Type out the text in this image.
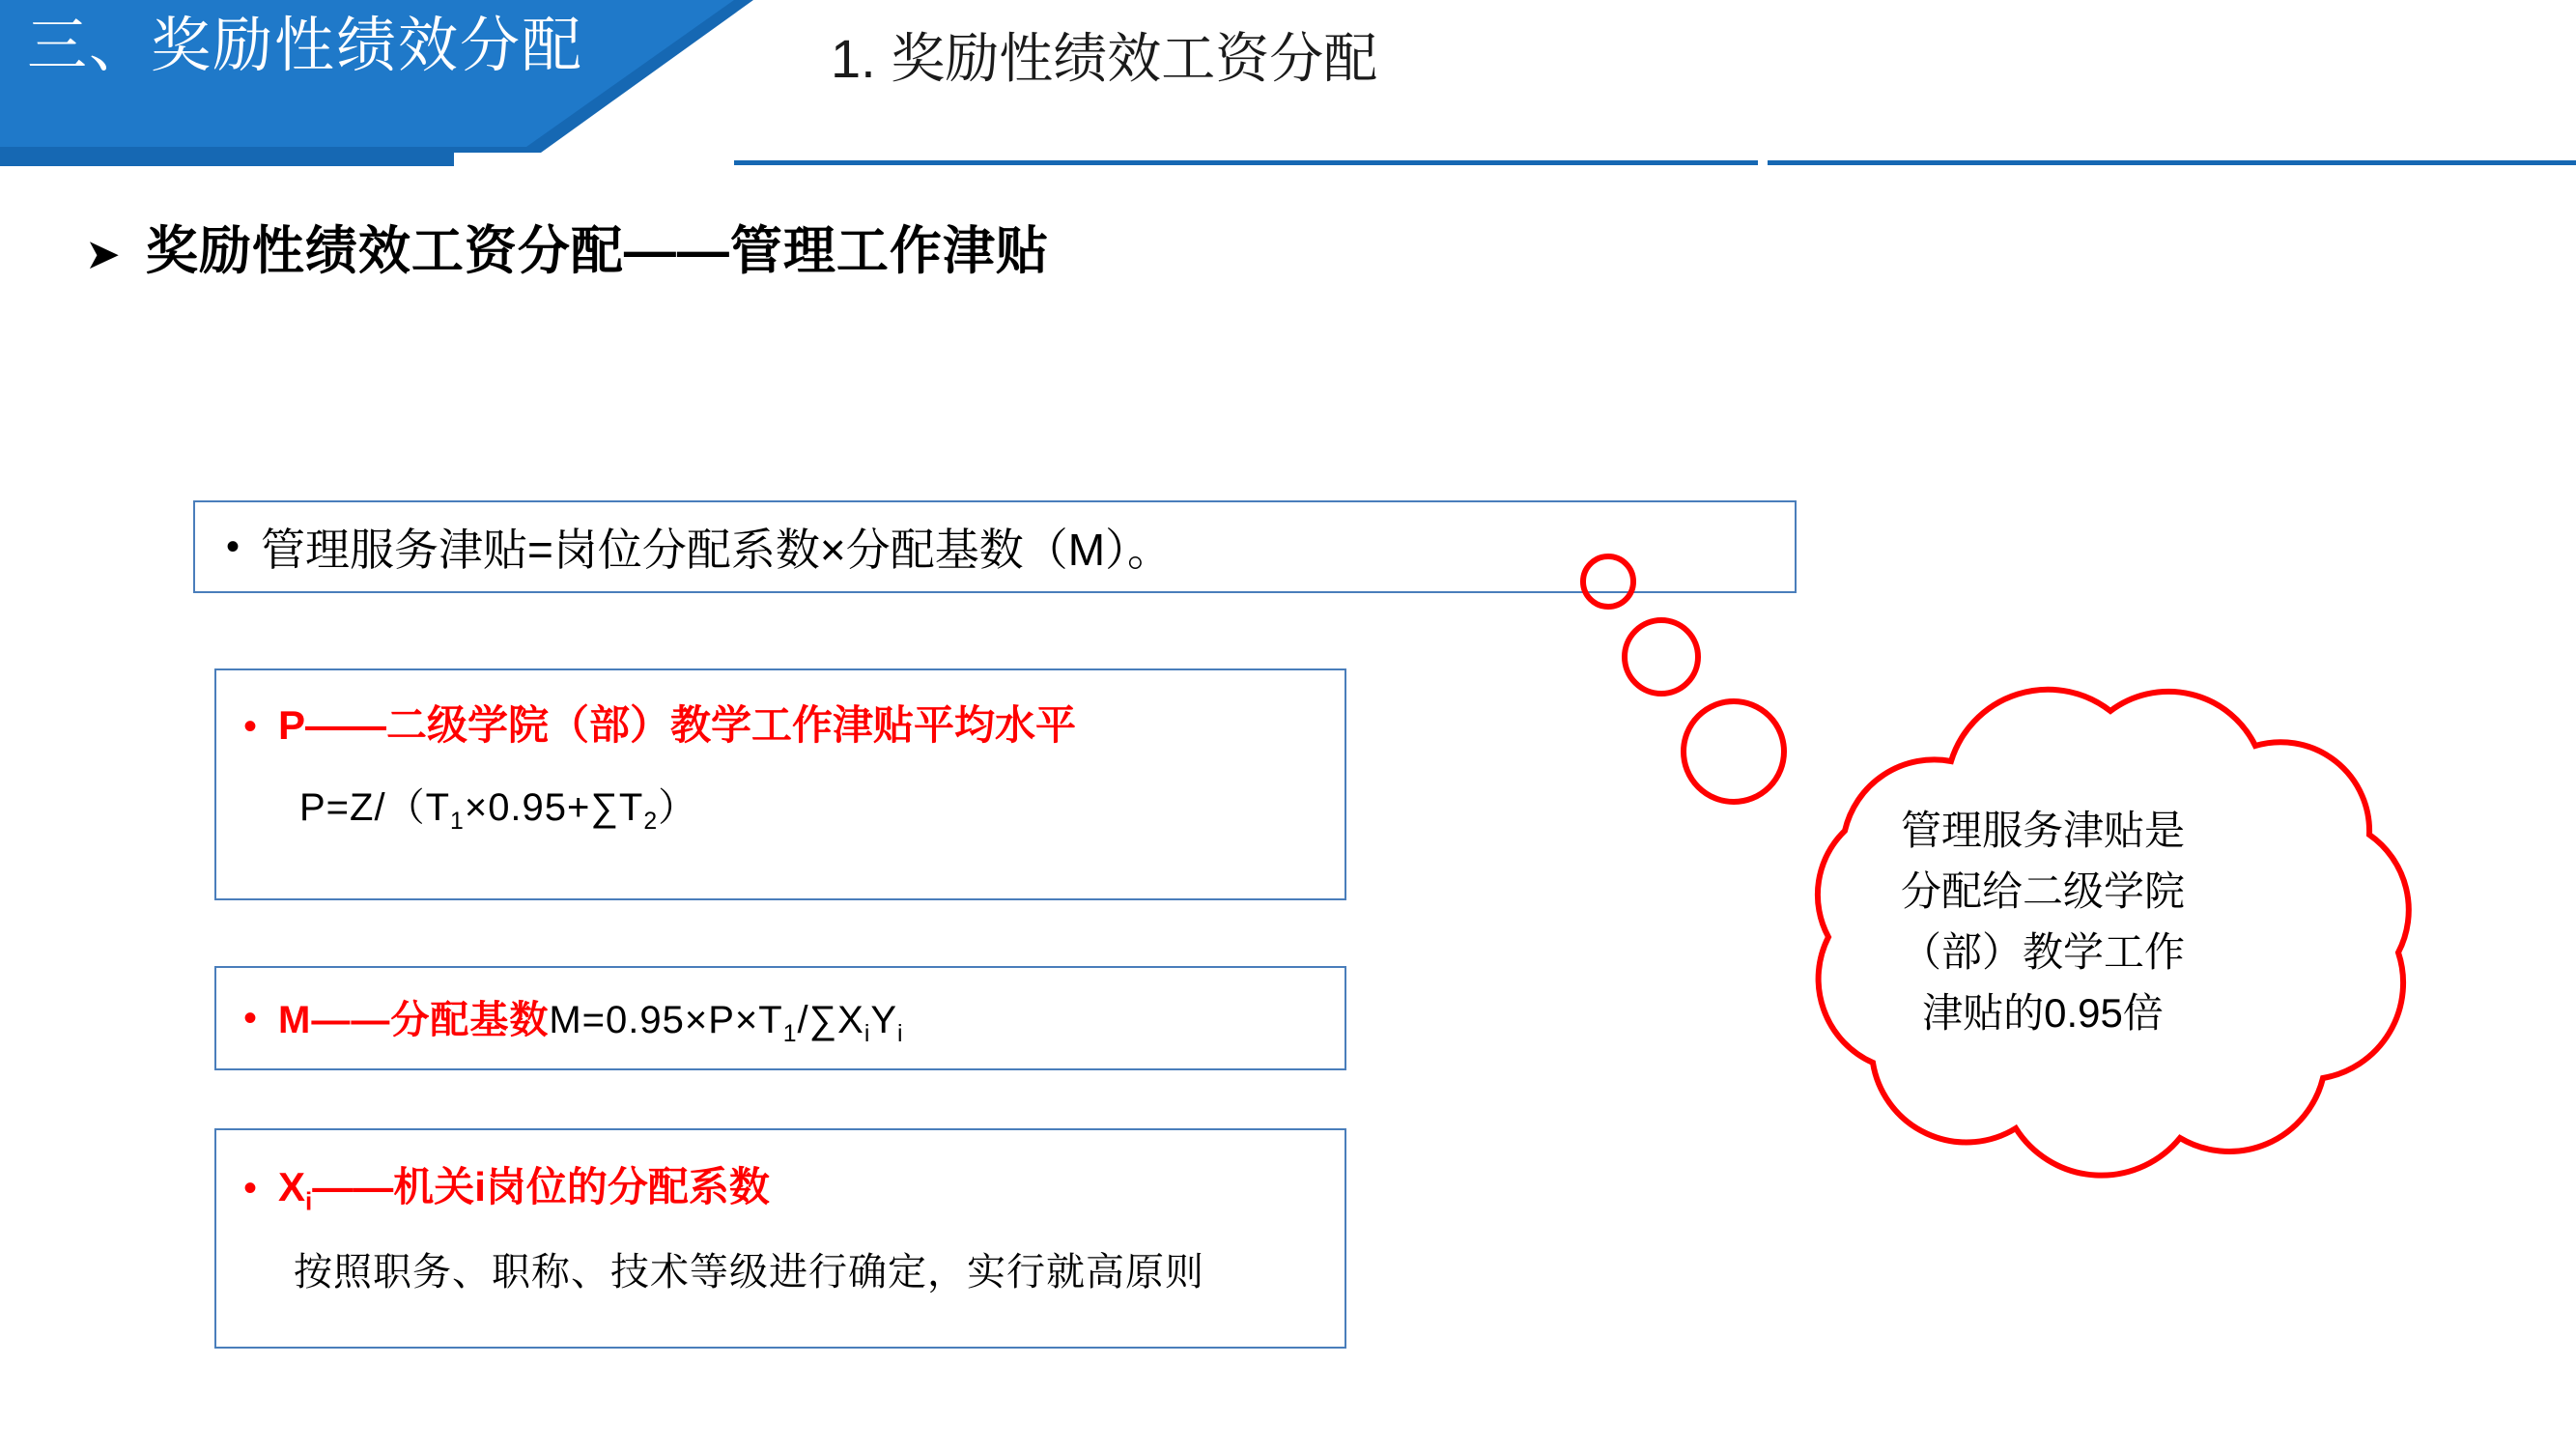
三、奖励性绩效分配	1. 奖励性绩效工资分配
➤ 奖励性绩效工资分配——管理工作津贴
• 管理服务津贴=岗位分配系数×分配基数（M）。
• P——二级学院（部）教学工作津贴平均水平
$P=Z/(T_1\times 0.95+\sum T_2)$
• M——分配基数$M=0.95\times P\times T_1/\sum X_iY_i$
• $X_i——$机关i岗位的分配系数
按照职务、职称、技术等级进行确定，实行就高原则
管理服务津贴是
分配给二级学院
（部）教学工作
津贴的0.95倍
